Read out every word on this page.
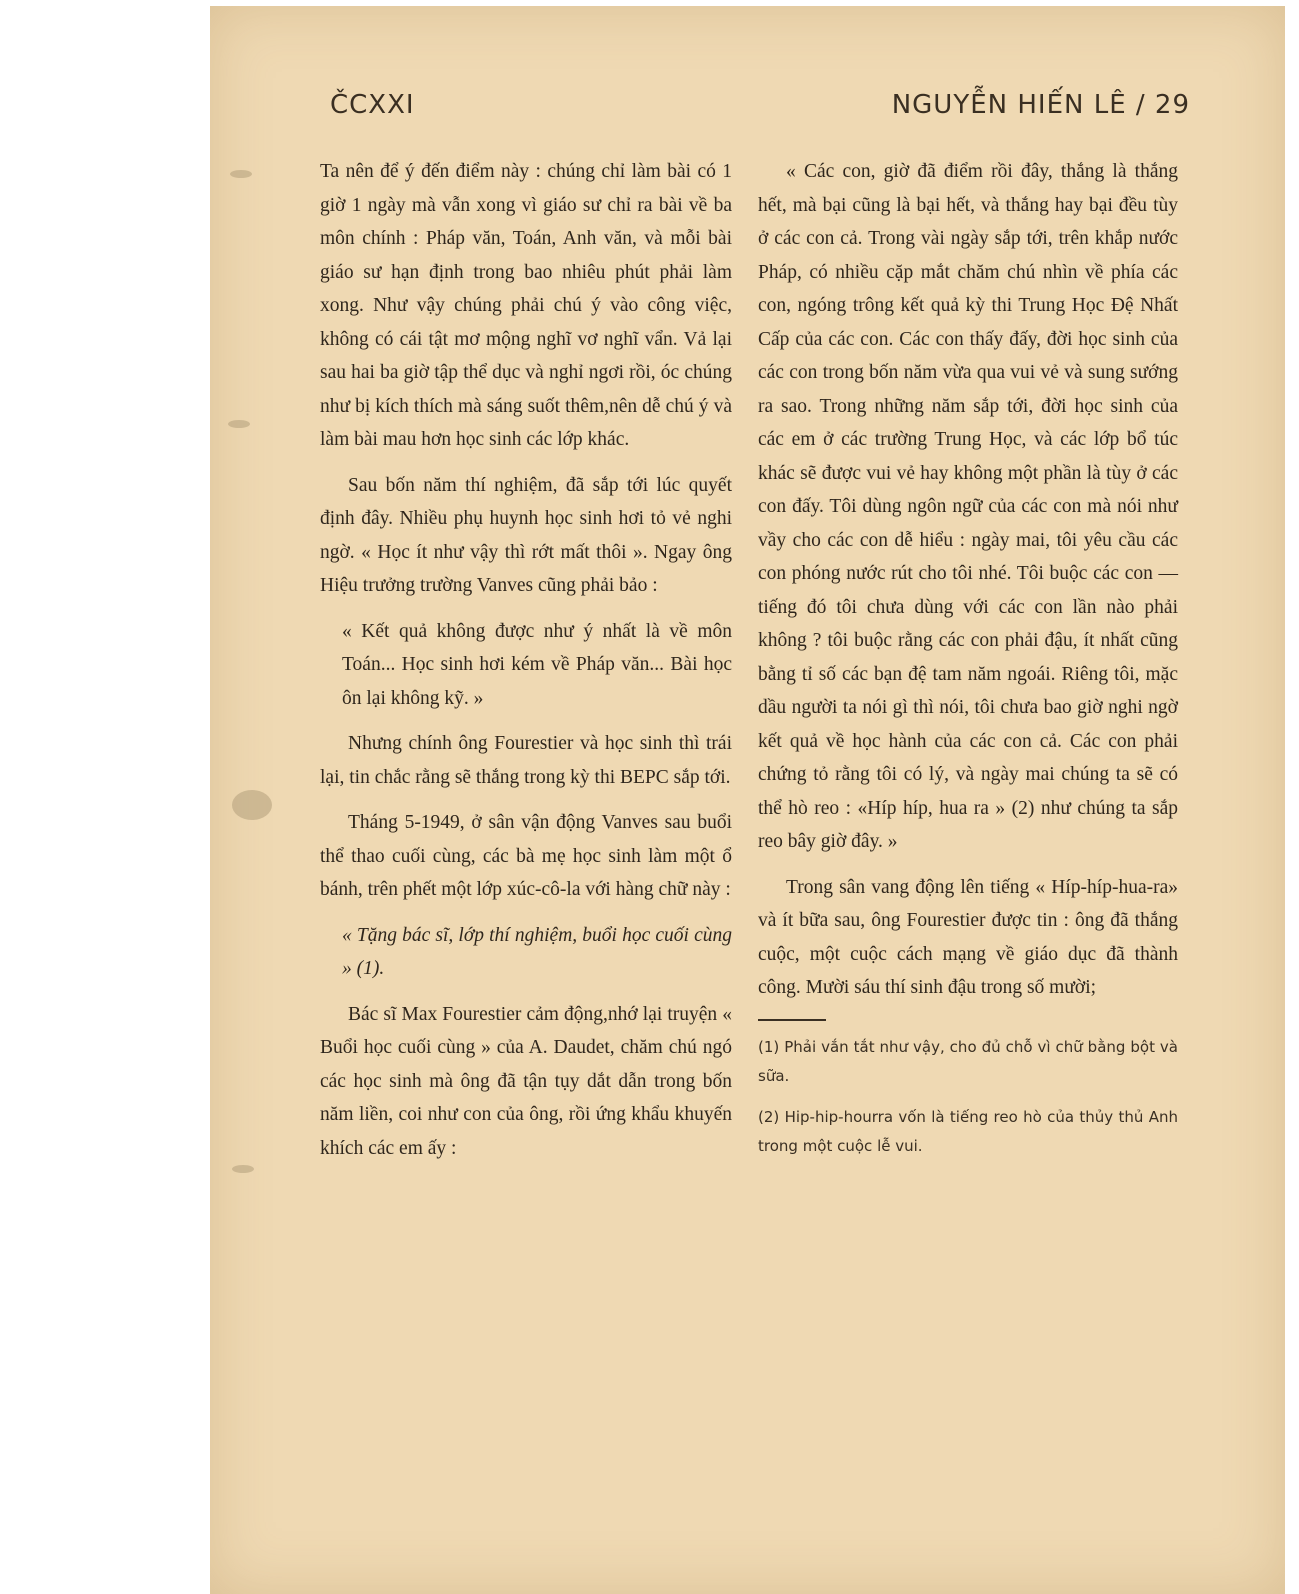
ČCXXI	NGUYỄN HIẾN LÊ / 29

Ta nên để ý đến điểm này : chúng chỉ làm bài có 1 giờ 1 ngày mà vẫn xong vì giáo sư chỉ ra bài về ba môn chính : Pháp văn, Toán, Anh văn, và mỗi bài giáo sư hạn định trong bao nhiêu phút phải làm xong. Như vậy chúng phải chú ý vào công việc, không có cái tật mơ mộng nghĩ vơ nghĩ vẩn. Vả lại sau hai ba giờ tập thể dục và nghỉ ngơi rồi, óc chúng như bị kích thích mà sáng suốt thêm,nên dễ chú ý và làm bài mau hơn học sinh các lớp khác.

Sau bốn năm thí nghiệm, đã sắp tới lúc quyết định đây. Nhiều phụ huynh học sinh hơi tỏ vẻ nghi ngờ. « Học ít như vậy thì rớt mất thôi ». Ngay ông Hiệu trưởng trường Vanves cũng phải bảo :

« Kết quả không được như ý nhất là về môn Toán... Học sinh hơi kém về Pháp văn... Bài học ôn lại không kỹ. »

Nhưng chính ông Fourestier và học sinh thì trái lại, tin chắc rằng sẽ thắng trong kỳ thi BEPC sắp tới.

Tháng 5-1949, ở sân vận động Vanves sau buổi thể thao cuối cùng, các bà mẹ học sinh làm một ổ bánh, trên phết một lớp xúc-cô-la với hàng chữ này :

« Tặng bác sĩ, lớp thí nghiệm, buổi học cuối cùng » (1).

Bác sĩ Max Fourestier cảm động,nhớ lại truyện « Buổi học cuối cùng » của A. Daudet, chăm chú ngó các học sinh mà ông đã tận tụy dắt dẫn trong bốn năm liền, coi như con của ông, rồi ứng khẩu khuyến khích các em ấy :

« Các con, giờ đã điểm rồi đây, thắng là thắng hết, mà bại cũng là bại hết, và thắng hay bại đều tùy ở các con cả. Trong vài ngày sắp tới, trên khắp nước Pháp, có nhiều cặp mắt chăm chú nhìn về phía các con, ngóng trông kết quả kỳ thi Trung Học Đệ Nhất Cấp của các con. Các con thấy đấy, đời học sinh của các con trong bốn năm vừa qua vui vẻ và sung sướng ra sao. Trong những năm sắp tới, đời học sinh của các em ở các trường Trung Học, và các lớp bổ túc khác sẽ được vui vẻ hay không một phần là tùy ở các con đấy. Tôi dùng ngôn ngữ của các con mà nói như vầy cho các con dễ hiểu : ngày mai, tôi yêu cầu các con phóng nước rút cho tôi nhé. Tôi buộc các con — tiếng đó tôi chưa dùng với các con lần nào phải không ? tôi buộc rằng các con phải đậu, ít nhất cũng bằng tỉ số các bạn đệ tam năm ngoái. Riêng tôi, mặc dầu người ta nói gì thì nói, tôi chưa bao giờ nghi ngờ kết quả về học hành của các con cả. Các con phải chứng tỏ rằng tôi có lý, và ngày mai chúng ta sẽ có thể hò reo : «Híp híp, hua ra » (2) như chúng ta sắp reo bây giờ đây. »

Trong sân vang động lên tiếng « Híp-híp-hua-ra» và ít bữa sau, ông Fourestier được tin : ông đã thắng cuộc, một cuộc cách mạng về giáo dục đã thành công. Mười sáu thí sinh đậu trong số mười;

(1) Phải vắn tắt như vậy, cho đủ chỗ vì chữ bằng bột và sữa.

(2) Hip-hip-hourra vốn là tiếng reo hò của thủy thủ Anh trong một cuộc lễ vui.
